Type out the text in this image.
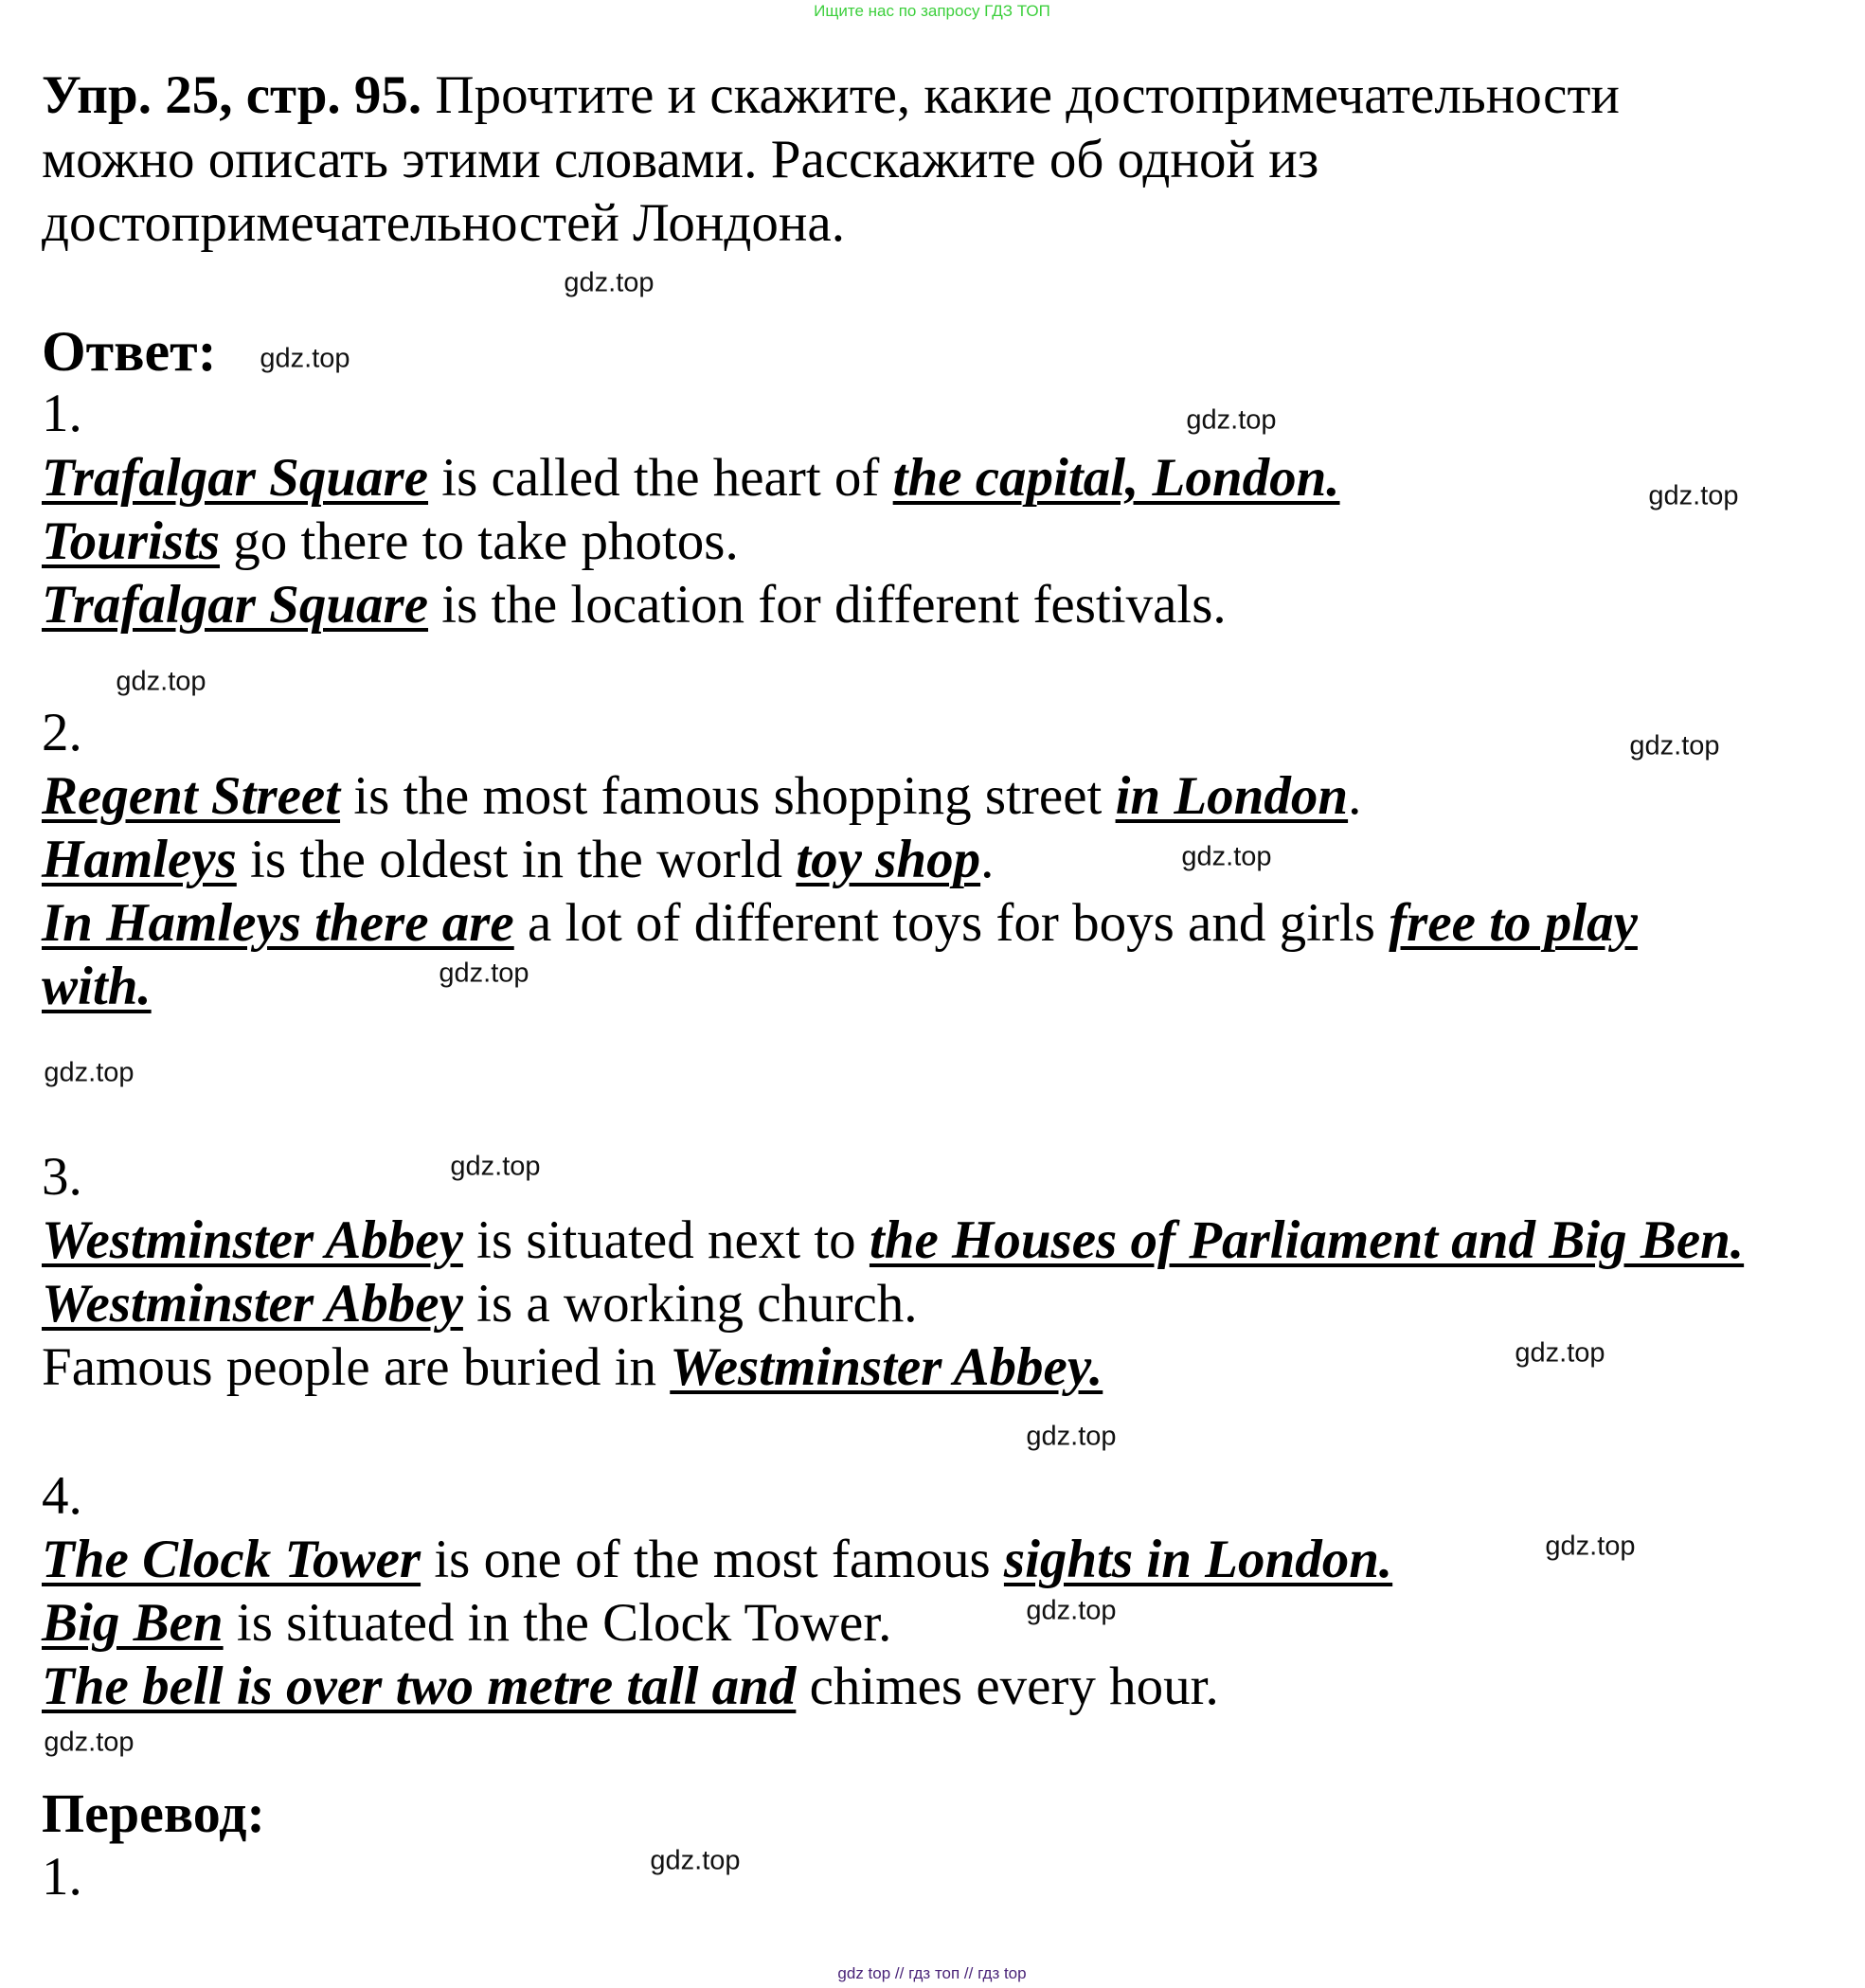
Ищите нас по запросу ГДЗ ТОП
Упр. 25, стр. 95. Прочтите и скажите, какие достопримечательности
можно описать этими словами. Расскажите об одной из
достопримечательностей Лондона.
Ответ:
1.
Trafalgar Square is called the heart of the capital, London.
Tourists go there to take photos.
Trafalgar Square is the location for different festivals.
2.
Regent Street is the most famous shopping street in London.
Hamleys is the oldest in the world toy shop.
In Hamleys there are a lot of different toys for boys and girls free to play
with.
3.
Westminster Abbey is situated next to the Houses of Parliament and Big Ben.
Westminster Abbey is a working church.
Famous people are buried in Westminster Abbey.
4.
The Clock Tower is one of the most famous sights in London.
Big Ben is situated in the Clock Tower.
The bell is over two metre tall and chimes every hour.
Перевод:
1.
gdz.top
gdz.top
gdz.top
gdz.top
gdz.top
gdz.top
gdz.top
gdz.top
gdz.top
gdz.top
gdz.top
gdz.top
gdz.top
gdz.top
gdz.top
gdz.top
gdz top // гдз топ // гдз top
